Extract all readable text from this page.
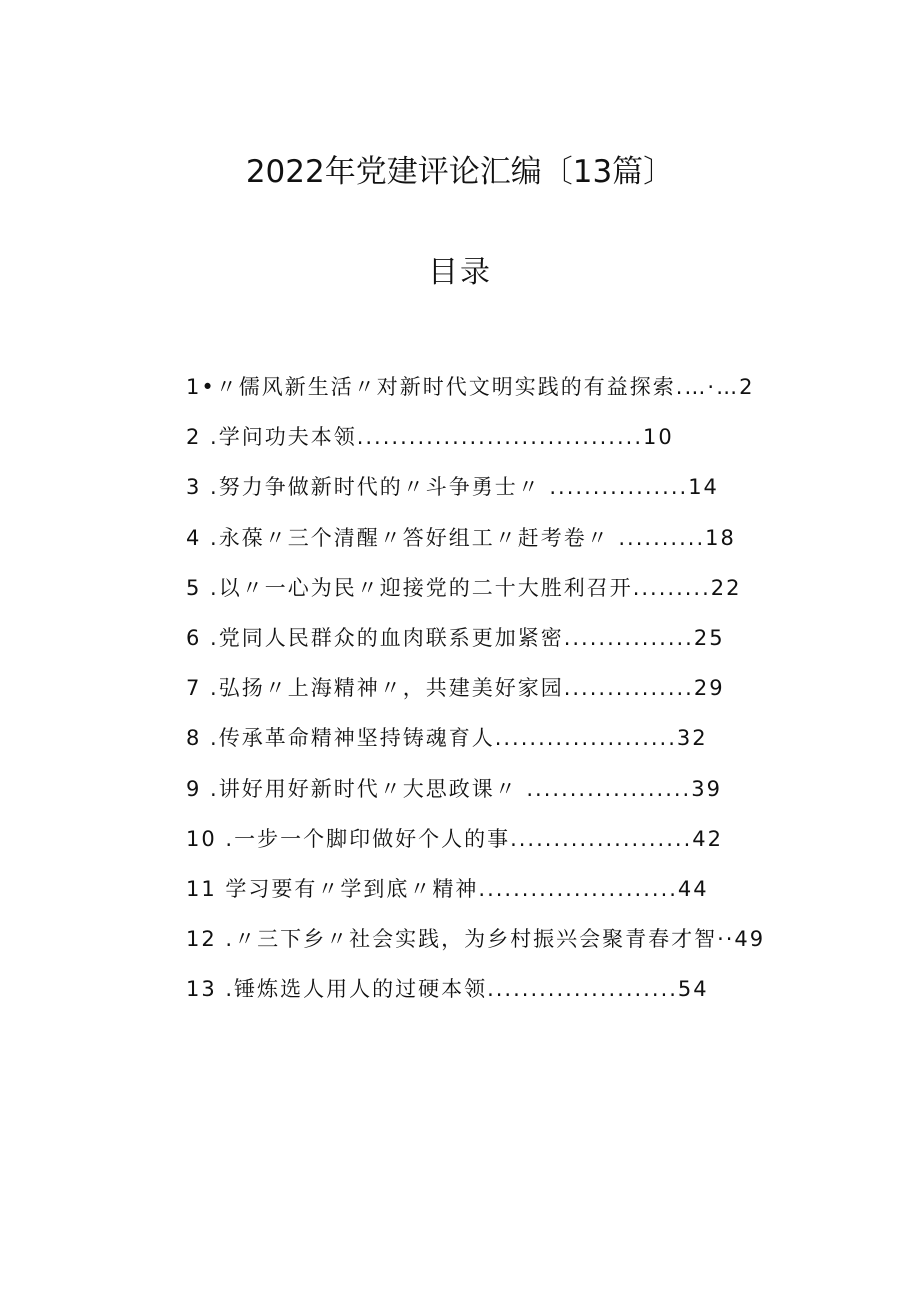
2022年党建评论汇编〔13篇〕
目录
1•〃儒风新生活〃对新时代文明实践的有益探索.…·…2
2 .学问功夫本领.................................10
3 .努力争做新时代的〃斗争勇士〃 ................14
4 .永葆〃三个清醒〃答好组工〃赶考卷〃 ..........18
5 .以〃一心为民〃迎接党的二十大胜利召开.........22
6 .党同人民群众的血肉联系更加紧密...............25
7 .弘扬〃上海精神〃，共建美好家园...............29
8 .传承革命精神坚持铸魂育人.....................32
9 .讲好用好新时代〃大思政课〃 ...................39
10 .一步一个脚印做好个人的事.....................42
11 学习要有〃学到底〃精神.......................44
12 .〃三下乡〃社会实践，为乡村振兴会聚青春才智··49
13 .锤炼选人用人的过硬本领......................54
